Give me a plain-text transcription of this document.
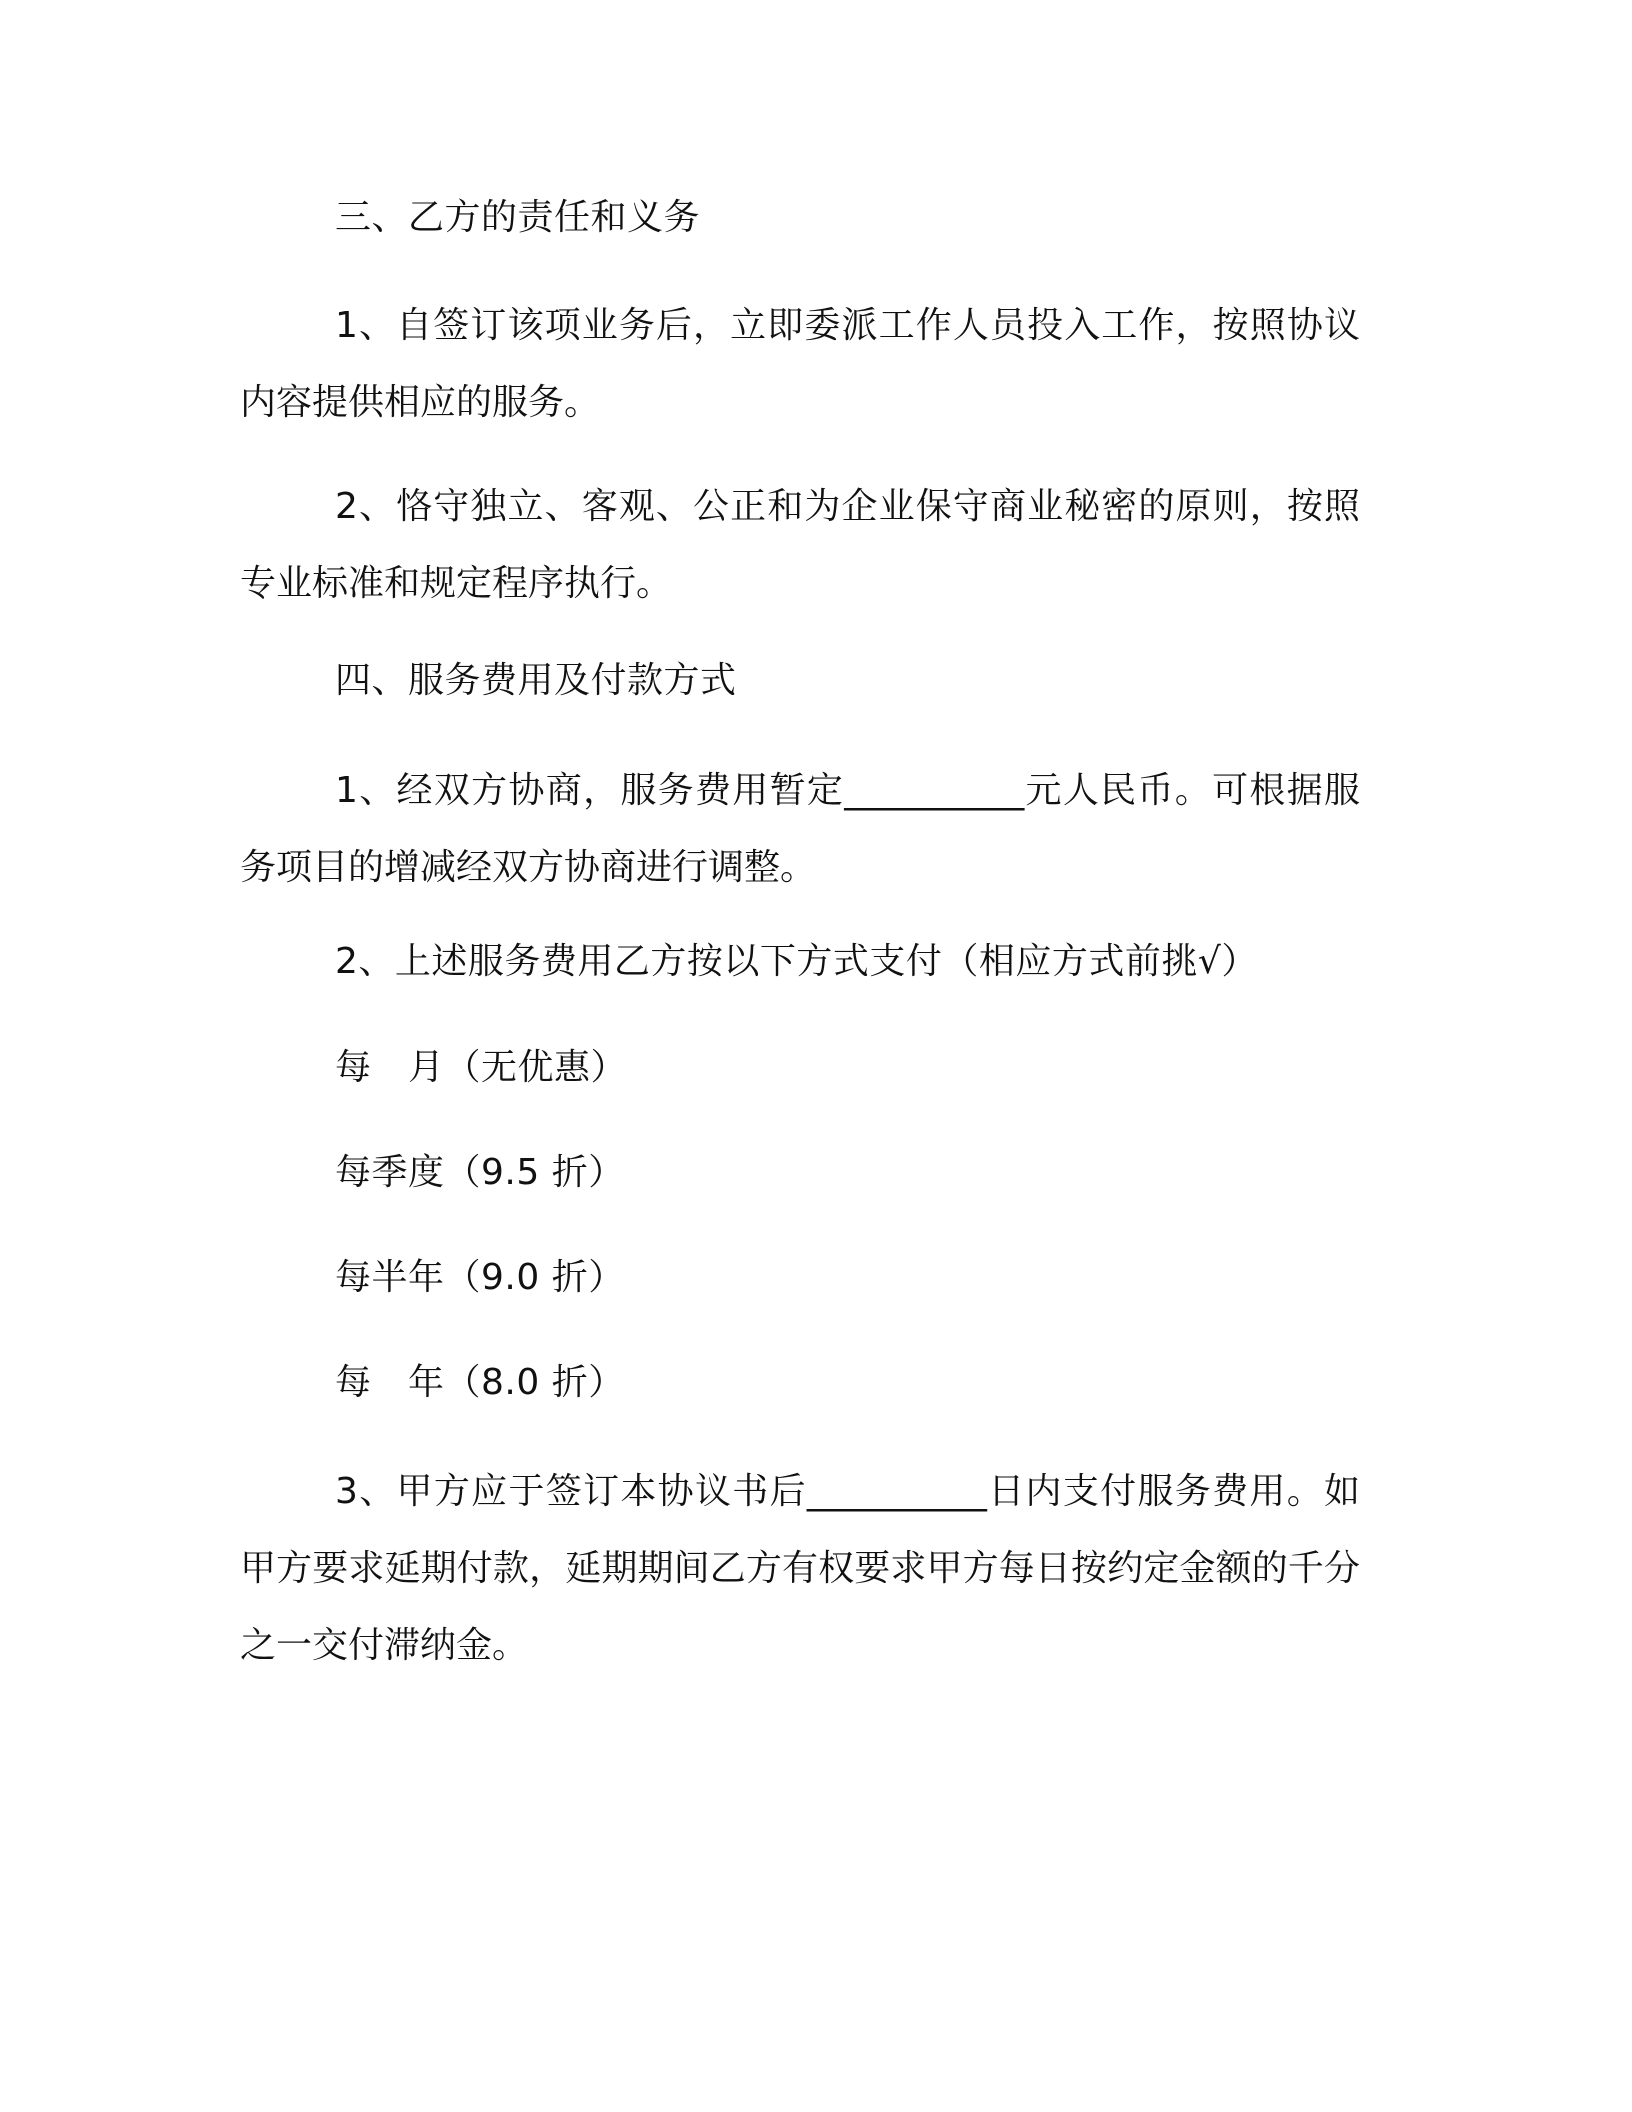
三、乙方的责任和义务
1、自签订该项业务后，立即委派工作人员投入工作，按照协议内容提供相应的服务。
2、恪守独立、客观、公正和为企业保守商业秘密的原则，按照专业标准和规定程序执行。
四、服务费用及付款方式
1、经双方协商，服务费用暂定__________元人民币。可根据服务项目的增减经双方协商进行调整。
2、上述服务费用乙方按以下方式支付（相应方式前挑√）
每　月（无优惠）
每季度（9.5 折）
每半年（9.0 折）
每　年（8.0 折）
3、甲方应于签订本协议书后__________日内支付服务费用。如甲方要求延期付款，延期期间乙方有权要求甲方每日按约定金额的千分之一交付滞纳金。
